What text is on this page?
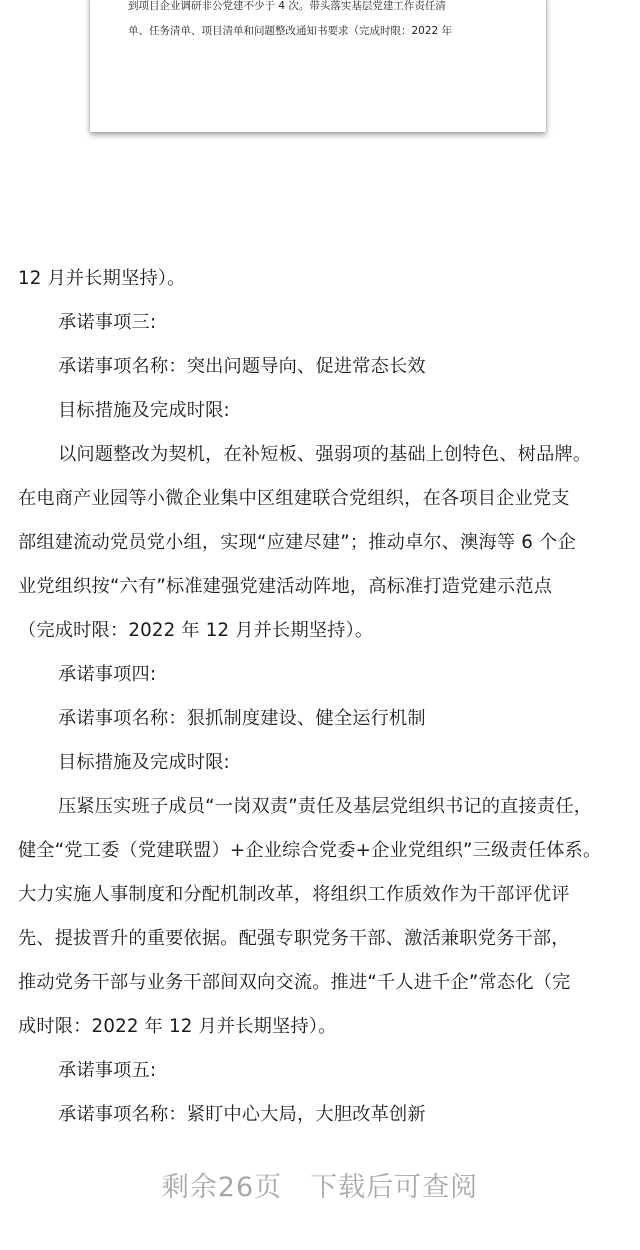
到项目企业调研非公党建不少于 4 次。带头落实基层党建工作责任清

单、任务清单、项目清单和问题整改通知书要求（完成时限：2022 年

12 月并长期坚持）。
承诺事项三:
承诺事项名称：突出问题导向、促进常态长效
目标措施及完成时限:
以问题整改为契机，在补短板、强弱项的基础上创特色、树品牌。
在电商产业园等小微企业集中区组建联合党组织，在各项目企业党支
部组建流动党员党小组，实现“应建尽建”；推动卓尔、澳海等 6 个企
业党组织按“六有”标准建强党建活动阵地，高标准打造党建示范点
（完成时限：2022 年 12 月并长期坚持）。
承诺事项四:
承诺事项名称：狠抓制度建设、健全运行机制
目标措施及完成时限:
压紧压实班子成员“一岗双责”责任及基层党组织书记的直接责任，
健全“党工委（党建联盟）+企业综合党委+企业党组织”三级责任体系。
大力实施人事制度和分配机制改革，将组织工作质效作为干部评优评
先、提拔晋升的重要依据。配强专职党务干部、激活兼职党务干部，
推动党务干部与业务干部间双向交流。推进“千人进千企”常态化（完
成时限：2022 年 12 月并长期坚持）。
承诺事项五:
承诺事项名称：紧盯中心大局，大胆改革创新
剩余26页 下载后可查阅
